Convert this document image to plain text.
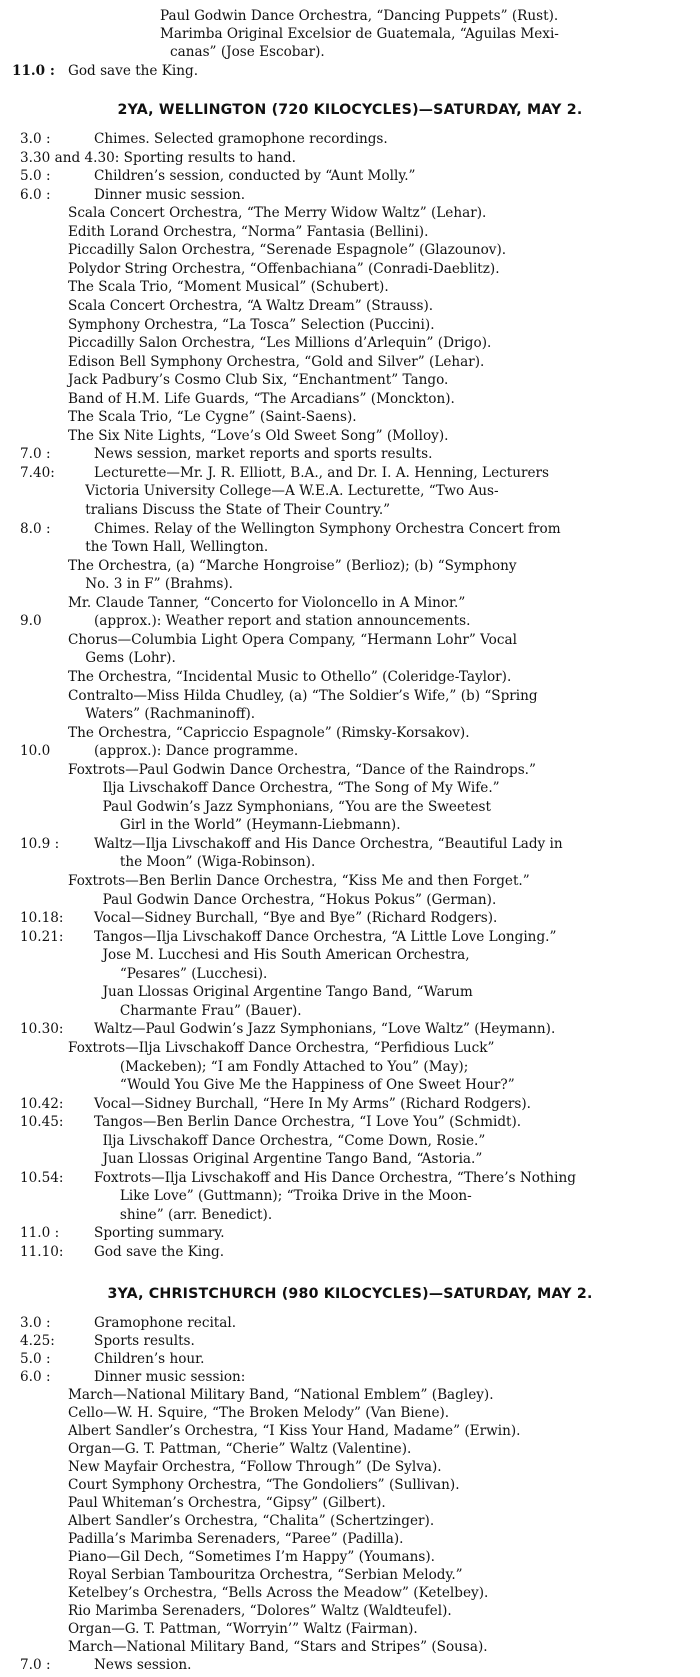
Paul Godwin Dance Orchestra, “Dancing Puppets” (Rust).
Marimba Original Excelsior de Guatemala, “Aguilas Mexi-
canas” (Jose Escobar).
11.0 : God save the King.
2YA, WELLINGTON (720 KILOCYCLES)—SATURDAY, MAY 2.
3.0 :	Chimes. Selected gramophone recordings.
3.30 and 4.30: Sporting results to hand.
5.0 :	Children’s session, conducted by “Aunt Molly.”
6.0 :	Dinner music session.
Scala Concert Orchestra, “The Merry Widow Waltz” (Lehar).
Edith Lorand Orchestra, “Norma” Fantasia (Bellini).
Piccadilly Salon Orchestra, “Serenade Espagnole” (Glazounov).
Polydor String Orchestra, “Offenbachiana” (Conradi-Daeblitz).
The Scala Trio, “Moment Musical” (Schubert).
Scala Concert Orchestra, “A Waltz Dream” (Strauss).
Symphony Orchestra, “La Tosca” Selection (Puccini).
Piccadilly Salon Orchestra, “Les Millions d’Arlequin” (Drigo).
Edison Bell Symphony Orchestra, “Gold and Silver” (Lehar).
Jack Padbury’s Cosmo Club Six, “Enchantment” Tango.
Band of H.M. Life Guards, “The Arcadians” (Monckton).
The Scala Trio, “Le Cygne” (Saint-Saens).
The Six Nite Lights, “Love’s Old Sweet Song” (Molloy).
7.0 :	News session, market reports and sports results.
7.40:	Lecturette—Mr. J. R. Elliott, B.A., and Dr. I. A. Henning, Lecturers
Victoria University College—A W.E.A. Lecturette, “Two Aus-
tralians Discuss the State of Their Country.”
8.0 :	Chimes. Relay of the Wellington Symphony Orchestra Concert from
the Town Hall, Wellington.
The Orchestra, (a) “Marche Hongroise” (Berlioz); (b) “Symphony
No. 3 in F” (Brahms).
Mr. Claude Tanner, “Concerto for Violoncello in A Minor.”
9.0	(approx.): Weather report and station announcements.
Chorus—Columbia Light Opera Company, “Hermann Lohr” Vocal
Gems (Lohr).
The Orchestra, “Incidental Music to Othello” (Coleridge-Taylor).
Contralto—Miss Hilda Chudley, (a) “The Soldier’s Wife,” (b) “Spring
Waters” (Rachmaninoff).
The Orchestra, “Capriccio Espagnole” (Rimsky-Korsakov).
10.0	(approx.): Dance programme.
Foxtrots—Paul Godwin Dance Orchestra, “Dance of the Raindrops.”
Ilja Livschakoff Dance Orchestra, “The Song of My Wife.”
Paul Godwin’s Jazz Symphonians, “You are the Sweetest
Girl in the World” (Heymann-Liebmann).
10.9 :	Waltz—Ilja Livschakoff and His Dance Orchestra, “Beautiful Lady in
the Moon” (Wiga-Robinson).
Foxtrots—Ben Berlin Dance Orchestra, “Kiss Me and then Forget.”
Paul Godwin Dance Orchestra, “Hokus Pokus” (German).
10.18: Vocal—Sidney Burchall, “Bye and Bye” (Richard Rodgers).
10.21: Tangos—Ilja Livschakoff Dance Orchestra, “A Little Love Longing.”
Jose M. Lucchesi and His South American Orchestra,
“Pesares” (Lucchesi).
Juan Llossas Original Argentine Tango Band, “Warum
Charmante Frau” (Bauer).
10.30: Waltz—Paul Godwin’s Jazz Symphonians, “Love Waltz” (Heymann).
Foxtrots—Ilja Livschakoff Dance Orchestra, “Perfidious Luck”
(Mackeben); “I am Fondly Attached to You” (May);
“Would You Give Me the Happiness of One Sweet Hour?”
10.42: Vocal—Sidney Burchall, “Here In My Arms” (Richard Rodgers).
10.45: Tangos—Ben Berlin Dance Orchestra, “I Love You” (Schmidt).
Ilja Livschakoff Dance Orchestra, “Come Down, Rosie.”
Juan Llossas Original Argentine Tango Band, “Astoria.”
10.54: Foxtrots—Ilja Livschakoff and His Dance Orchestra, “There’s Nothing
Like Love” (Guttmann); “Troika Drive in the Moon-
shine” (arr. Benedict).
11.0 :	Sporting summary.
11.10: God save the King.
3YA, CHRISTCHURCH (980 KILOCYCLES)—SATURDAY, MAY 2.
3.0 :	Gramophone recital.
4.25:	Sports results.
5.0 :	Children’s hour.
6.0 :	Dinner music session:
March—National Military Band, “National Emblem” (Bagley).
Cello—W. H. Squire, “The Broken Melody” (Van Biene).
Albert Sandler’s Orchestra, “I Kiss Your Hand, Madame” (Erwin).
Organ—G. T. Pattman, “Cherie” Waltz (Valentine).
New Mayfair Orchestra, “Follow Through” (De Sylva).
Court Symphony Orchestra, “The Gondoliers” (Sullivan).
Paul Whiteman’s Orchestra, “Gipsy” (Gilbert).
Albert Sandler’s Orchestra, “Chalita” (Schertzinger).
Padilla’s Marimba Serenaders, “Paree” (Padilla).
Piano—Gil Dech, “Sometimes I’m Happy” (Youmans).
Royal Serbian Tambouritza Orchestra, “Serbian Melody.”
Ketelbey’s Orchestra, “Bells Across the Meadow” (Ketelbey).
Rio Marimba Serenaders, “Dolores” Waltz (Waldteufel).
Organ—G. T. Pattman, “Worryin’” Waltz (Fairman).
March—National Military Band, “Stars and Stripes” (Sousa).
7.0 :	News session.
